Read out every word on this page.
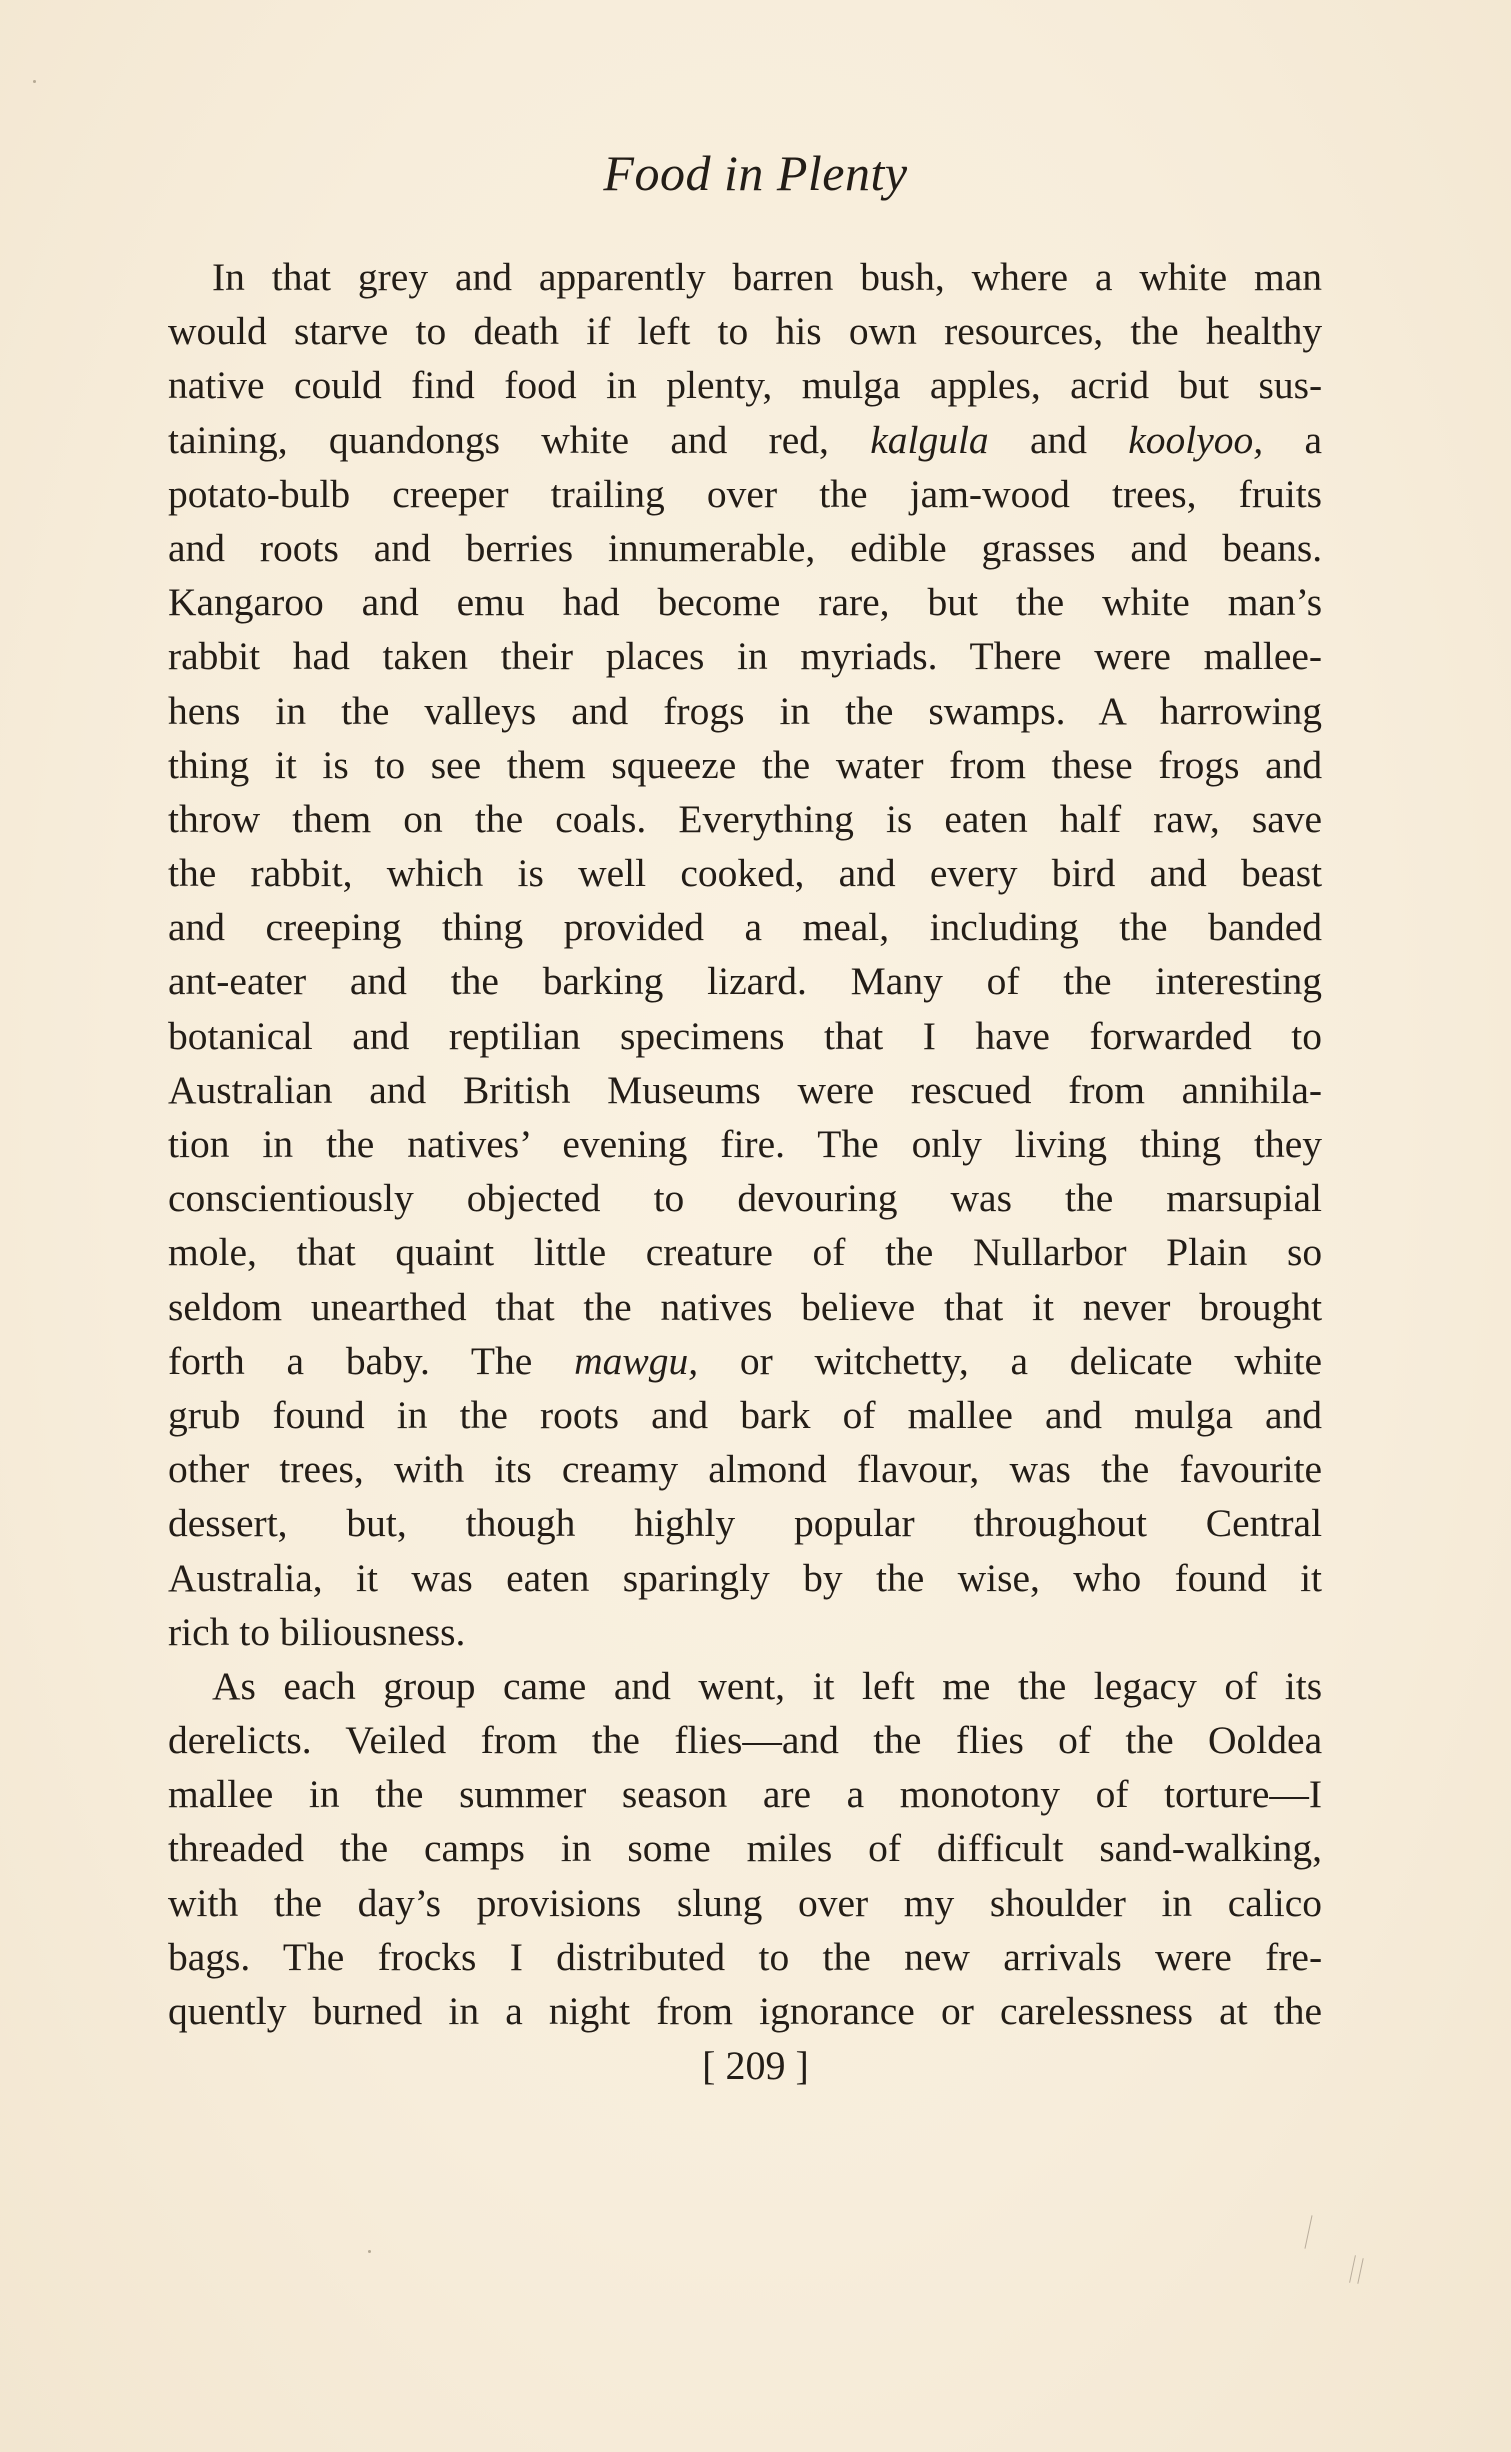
Food in Plenty
In that grey and apparently barren bush, where a white man
would starve to death if left to his own resources, the healthy
native could find food in plenty, mulga apples, acrid but sus-
taining, quandongs white and red, kalgula and koolyoo, a
potato-bulb creeper trailing over the jam-wood trees, fruits
and roots and berries innumerable, edible grasses and beans.
Kangaroo and emu had become rare, but the white man’s
rabbit had taken their places in myriads. There were mallee-
hens in the valleys and frogs in the swamps. A harrowing
thing it is to see them squeeze the water from these frogs and
throw them on the coals. Everything is eaten half raw, save
the rabbit, which is well cooked, and every bird and beast
and creeping thing provided a meal, including the banded
ant-eater and the barking lizard. Many of the interesting
botanical and reptilian specimens that I have forwarded to
Australian and British Museums were rescued from annihila-
tion in the natives’ evening fire. The only living thing they
conscientiously objected to devouring was the marsupial
mole, that quaint little creature of the Nullarbor Plain so
seldom unearthed that the natives believe that it never brought
forth a baby. The mawgu, or witchetty, a delicate white
grub found in the roots and bark of mallee and mulga and
other trees, with its creamy almond flavour, was the favourite
dessert, but, though highly popular throughout Central
Australia, it was eaten sparingly by the wise, who found it
rich to biliousness.
As each group came and went, it left me the legacy of its
derelicts. Veiled from the flies—and the flies of the Ooldea
mallee in the summer season are a monotony of torture—I
threaded the camps in some miles of difficult sand-walking,
with the day’s provisions slung over my shoulder in calico
bags. The frocks I distributed to the new arrivals were fre-
quently burned in a night from ignorance or carelessness at the
[ 209 ]
